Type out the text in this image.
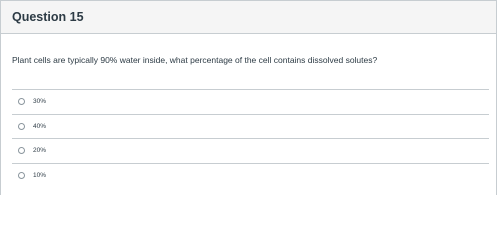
Question 15
Plant cells are typically 90% water inside, what percentage of the cell contains dissolved solutes?
30%
40%
20%
10%
